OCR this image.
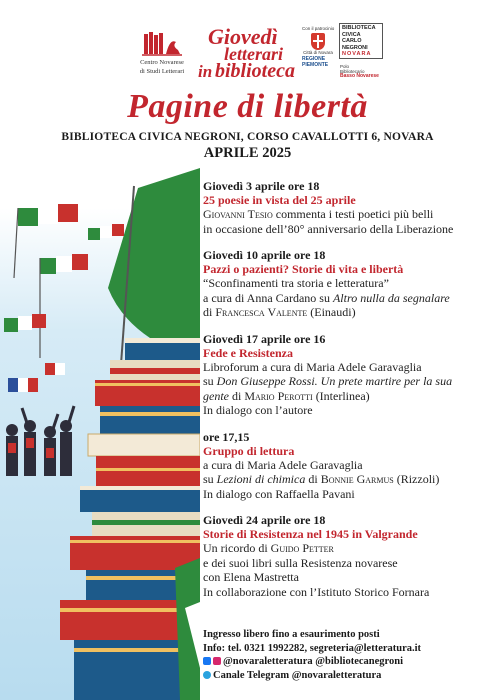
Centro Novarese
di Studi Letterari
Giovedì
letterari
in biblioteca
Con il patrocinio
Città di Novara
REGIONE
PIEMONTE
BIBLIOTECA
CIVICA
CARLO
NEGRONI
NOVARA
Polo
Bibliotecario
Basso Novarese
Pagine di libertà
BIBLIOTECA CIVICA NEGRONI, CORSO CAVALLOTTI 6, NOVARA
APRILE 2025
Giovedì 3 aprile ore 18
25 poesie in vista del 25 aprile
Giovanni Tesio commenta i testi poetici più belli
in occasione dell’80° anniversario della Liberazione
Giovedì 10 aprile ore 18
Pazzi o pazienti? Storie di vita e libertà
“Sconfinamenti tra storia e letteratura”
a cura di Anna Cardano su Altro nulla da segnalare
di Francesca Valente (Einaudi)
Giovedì 17 aprile ore 16
Fede e Resistenza
Libroforum a cura di Maria Adele Garavaglia
su Don Giuseppe Rossi. Un prete martire per la sua
gente di Mario Perotti (Interlinea)
In dialogo con l’autore
ore 17,15
Gruppo di lettura
a cura di Maria Adele Garavaglia
su Lezioni di chimica di Bonnie Garmus (Rizzoli)
In dialogo con Raffaella Pavani
Giovedì 24 aprile ore 18
Storie di Resistenza nel 1945 in Valgrande
Un ricordo di Guido Petter
e dei suoi libri sulla Resistenza novarese
con Elena Mastretta
In collaborazione con l’Istituto Storico Fornara
Ingresso libero fino a esaurimento posti
Info: tel. 0321 1992282, segreteria@letteratura.it
@novaraletteratura @bibliotecanegroni
Canale Telegram @novaraletteratura
